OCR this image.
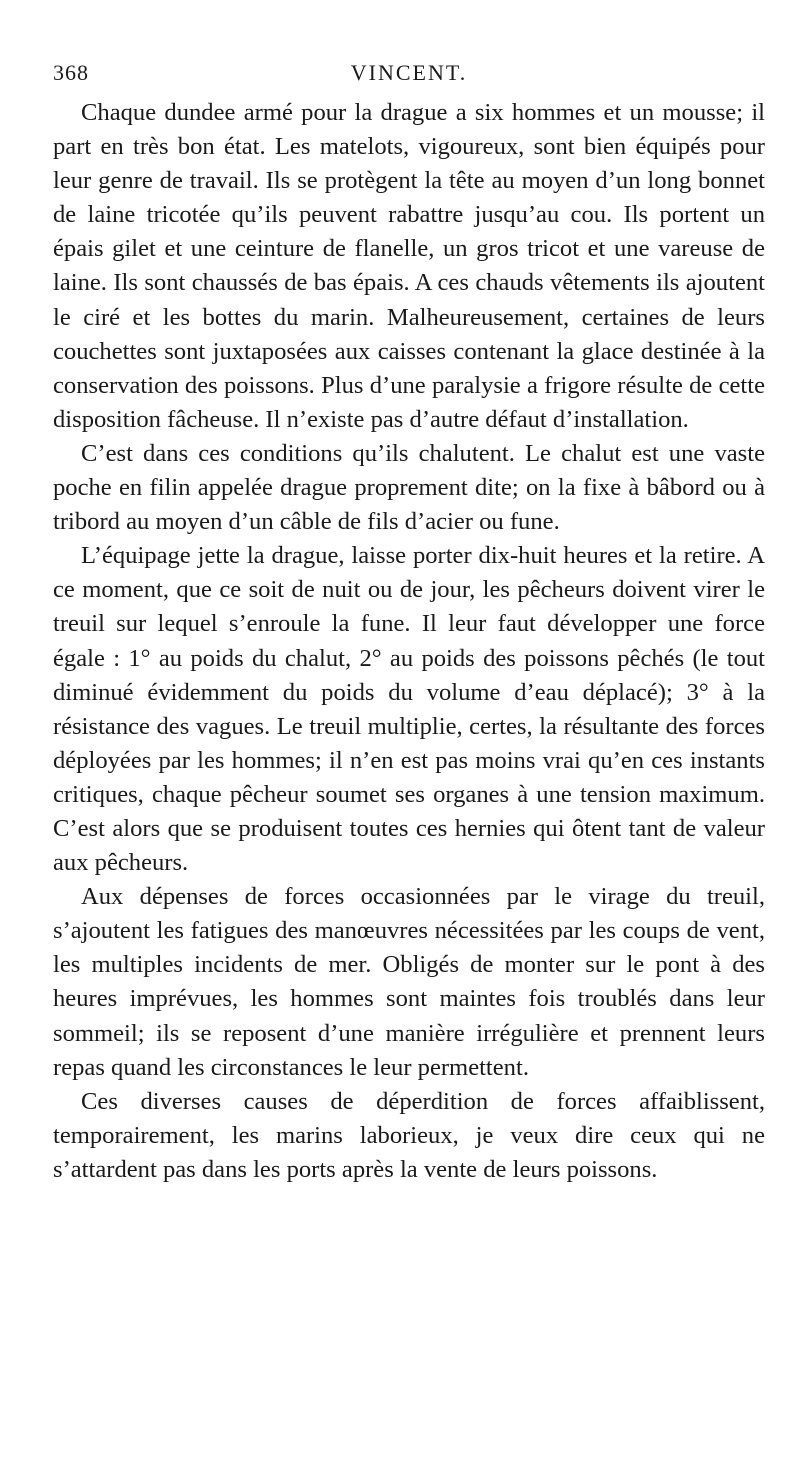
368	VINCENT.

Chaque dundee armé pour la drague a six hommes et un mousse; il part en très bon état. Les matelots, vigoureux, sont bien équipés pour leur genre de travail. Ils se protègent la tête au moyen d’un long bonnet de laine tricotée qu’ils peuvent rabattre jusqu’au cou. Ils portent un épais gilet et une ceinture de flanelle, un gros tricot et une vareuse de laine. Ils sont chaussés de bas épais. A ces chauds vêtements ils ajoutent le ciré et les bottes du marin. Malheureusement, certaines de leurs couchettes sont juxtaposées aux caisses contenant la glace destinée à la conservation des poissons. Plus d’une paralysie a frigore résulte de cette disposition fâcheuse. Il n’existe pas d’autre défaut d’installation.

C’est dans ces conditions qu’ils chalutent. Le chalut est une vaste poche en filin appelée drague proprement dite; on la fixe à bâbord ou à tribord au moyen d’un câble de fils d’acier ou fune.

L’équipage jette la drague, laisse porter dix-huit heures et la retire. A ce moment, que ce soit de nuit ou de jour, les pêcheurs doivent virer le treuil sur lequel s’enroule la fune. Il leur faut développer une force égale : 1° au poids du chalut, 2° au poids des poissons pêchés (le tout diminué évidemment du poids du volume d’eau déplacé); 3° à la résistance des vagues. Le treuil multiplie, certes, la résultante des forces déployées par les hommes; il n’en est pas moins vrai qu’en ces instants critiques, chaque pêcheur soumet ses organes à une tension maximum. C’est alors que se produisent toutes ces hernies qui ôtent tant de valeur aux pêcheurs.

Aux dépenses de forces occasionnées par le virage du treuil, s’ajoutent les fatigues des manœuvres nécessitées par les coups de vent, les multiples incidents de mer. Obligés de monter sur le pont à des heures imprévues, les hommes sont maintes fois troublés dans leur sommeil; ils se reposent d’une manière irrégulière et prennent leurs repas quand les circonstances le leur permettent.

Ces diverses causes de déperdition de forces affaiblissent, temporairement, les marins laborieux, je veux dire ceux qui ne s’attardent pas dans les ports après la vente de leurs poissons.
